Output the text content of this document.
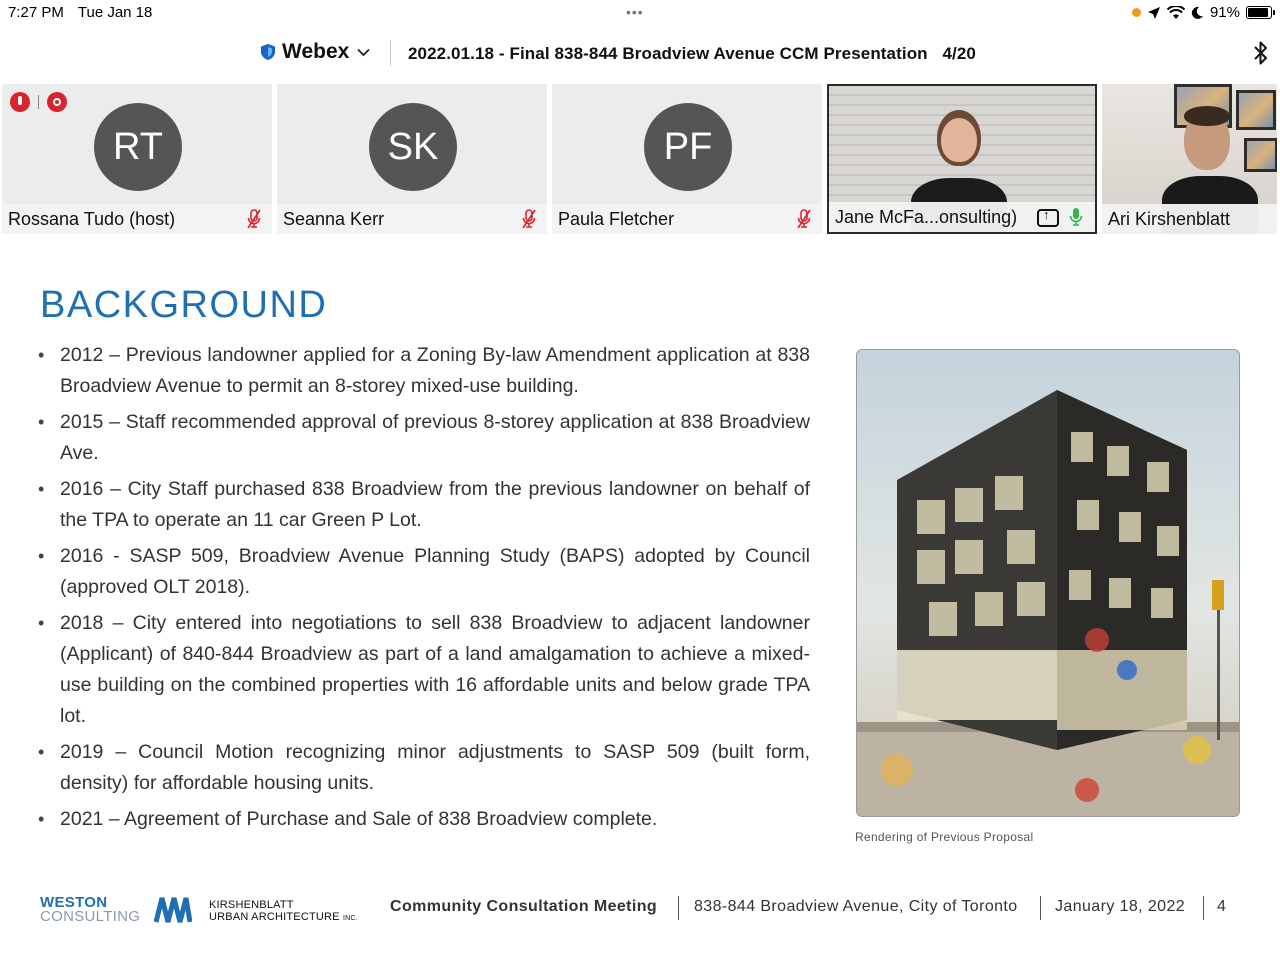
7:27 PM Tue Jan 18	•••	91%
Webex	2022.01.18 - Final 838-844 Broadview Avenue CCM Presentation 4/20
RT
Rossana Tudo (host)
SK
Seanna Kerr
PF
Paula Fletcher	Jane McFa...onsulting)
↑	Ari Kirshenblatt
BACKGROUND
• 2012 – Previous landowner applied for a Zoning By-law Amendment application at 838 Broadview Avenue to permit an 8-storey mixed-use building.
• 2015 – Staff recommended approval of previous 8-storey application at 838 Broadview Ave.
• 2016 – City Staff purchased 838 Broadview from the previous landowner on behalf of the TPA to operate an 11 car Green P Lot.
• 2016 - SASP 509, Broadview Avenue Planning Study (BAPS) adopted by Council (approved OLT 2018).
• 2018 – City entered into negotiations to sell 838 Broadview to adjacent landowner (Applicant) of 840-844 Broadview as part of a land amalgamation to achieve a mixed-use building on the combined properties with 16 affordable units and below grade TPA lot.
• 2019 – Council Motion recognizing minor adjustments to SASP 509 (built form, density) for affordable housing units.
• 2021 – Agreement of Purchase and Sale of 838 Broadview complete.
Rendering of Previous Proposal
WESTON
CONSULTING
KIRSHENBLATT
URBAN ARCHITECTURE INC.
Community Consultation Meeting 838-844 Broadview Avenue, City of Toronto January 18, 2022 4
